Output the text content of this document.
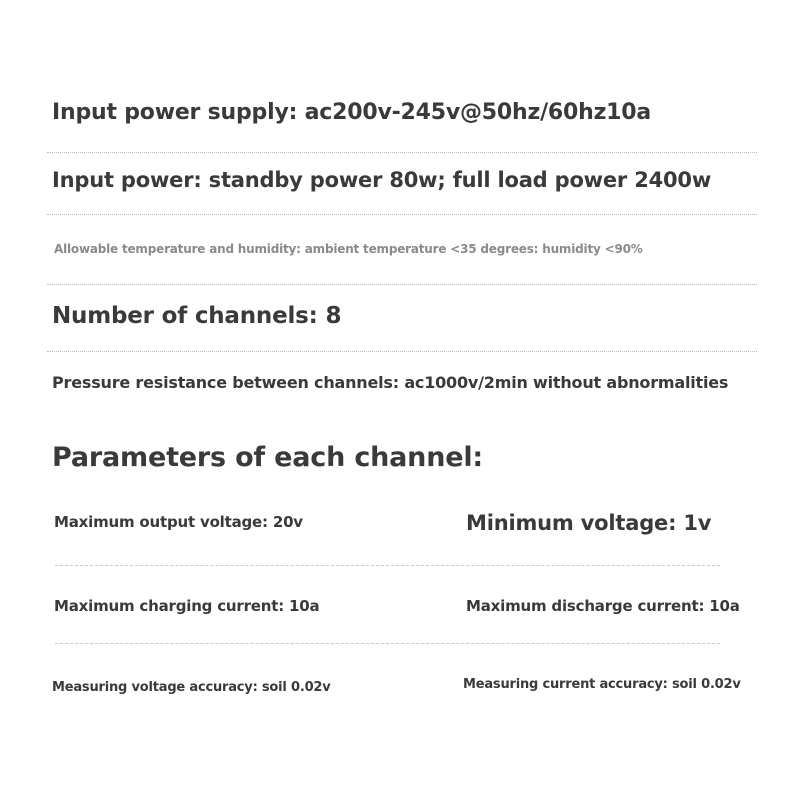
Input power supply: ac200v-245v@50hz/60hz10a
Input power: standby power 80w; full load power 2400w
Allowable temperature and humidity: ambient temperature <35 degrees: humidity <90%
Number of channels: 8
Pressure resistance between channels: ac1000v/2min without abnormalities
Parameters of each channel:
Maximum output voltage: 20v	Minimum voltage: 1v
Maximum charging current: 10a	Maximum discharge current: 10a
Measuring voltage accuracy: soil 0.02v	Measuring current accuracy: soil 0.02v
